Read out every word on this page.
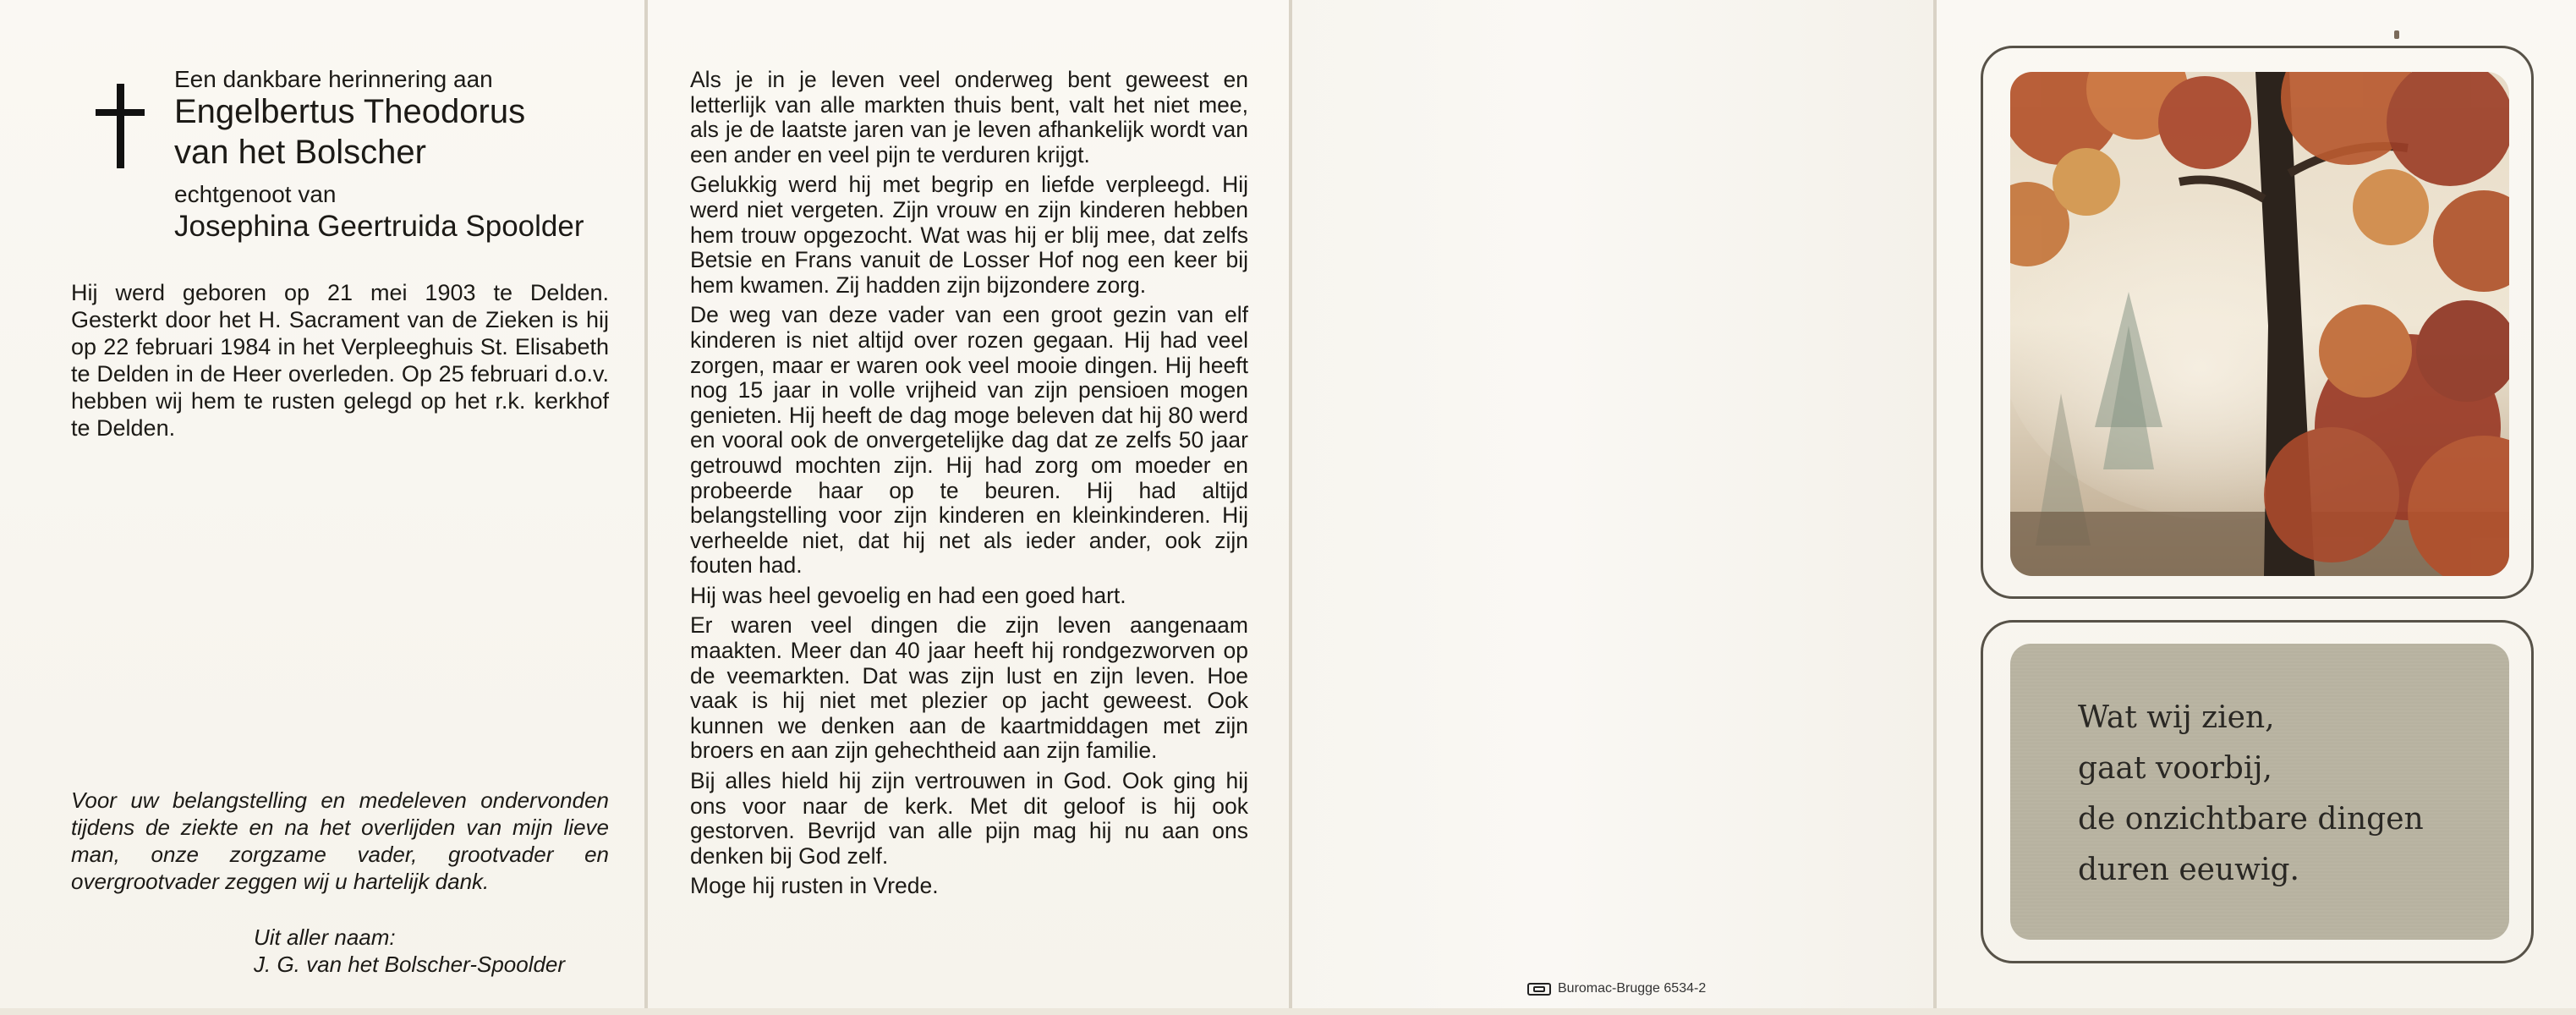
Een dankbare herinnering aan
Engelbertus Theodorus
van het Bolscher
echtgenoot van
Josephina Geertruida Spoolder

Hij werd geboren op 21 mei 1903 te Delden. Gesterkt door het H. Sacrament van de Zieken is hij op 22 februari 1984 in het Verpleeghuis St. Elisabeth te Delden in de Heer overleden. Op 25 februari d.o.v. hebben wij hem te rusten gelegd op het r.k. kerkhof te Delden.

Voor uw belangstelling en medeleven ondervonden tijdens de ziekte en na het overlijden van mijn lieve man, onze zorgzame vader, grootvader en overgrootvader zeggen wij u hartelijk dank.
Uit aller naam:
J. G. van het Bolscher-Spoolder

Als je in je leven veel onderweg bent geweest en letterlijk van alle markten thuis bent, valt het niet mee, als je de laatste jaren van je leven afhankelijk wordt van een ander en veel pijn te verduren krijgt.

Gelukkig werd hij met begrip en liefde verpleegd. Hij werd niet vergeten. Zijn vrouw en zijn kinderen hebben hem trouw opgezocht. Wat was hij er blij mee, dat zelfs Betsie en Frans vanuit de Losser Hof nog een keer bij hem kwamen. Zij hadden zijn bijzondere zorg.

De weg van deze vader van een groot gezin van elf kinderen is niet altijd over rozen gegaan. Hij had veel zorgen, maar er waren ook veel mooie dingen. Hij heeft nog 15 jaar in volle vrijheid van zijn pensioen mogen genieten. Hij heeft de dag moge beleven dat hij 80 werd en vooral ook de onvergetelijke dag dat ze zelfs 50 jaar getrouwd mochten zijn. Hij had zorg om moeder en probeerde haar op te beuren. Hij had altijd belangstelling voor zijn kinderen en kleinkinderen. Hij verheelde niet, dat hij net als ieder ander, ook zijn fouten had.

Hij was heel gevoelig en had een goed hart.

Er waren veel dingen die zijn leven aangenaam maakten. Meer dan 40 jaar heeft hij rondgezworven op de veemarkten. Dat was zijn lust en zijn leven. Hoe vaak is hij niet met plezier op jacht geweest. Ook kunnen we denken aan de kaartmiddagen met zijn broers en aan zijn gehechtheid aan zijn familie.

Bij alles hield hij zijn vertrouwen in God. Ook ging hij ons voor naar de kerk. Met dit geloof is hij ook gestorven. Bevrijd van alle pijn mag hij nu aan ons denken bij God zelf.

Moge hij rusten in Vrede.

Buromac-Brugge 6534-2
Wat wij zien,
gaat voorbij,
de onzichtbare dingen
duren eeuwig.
